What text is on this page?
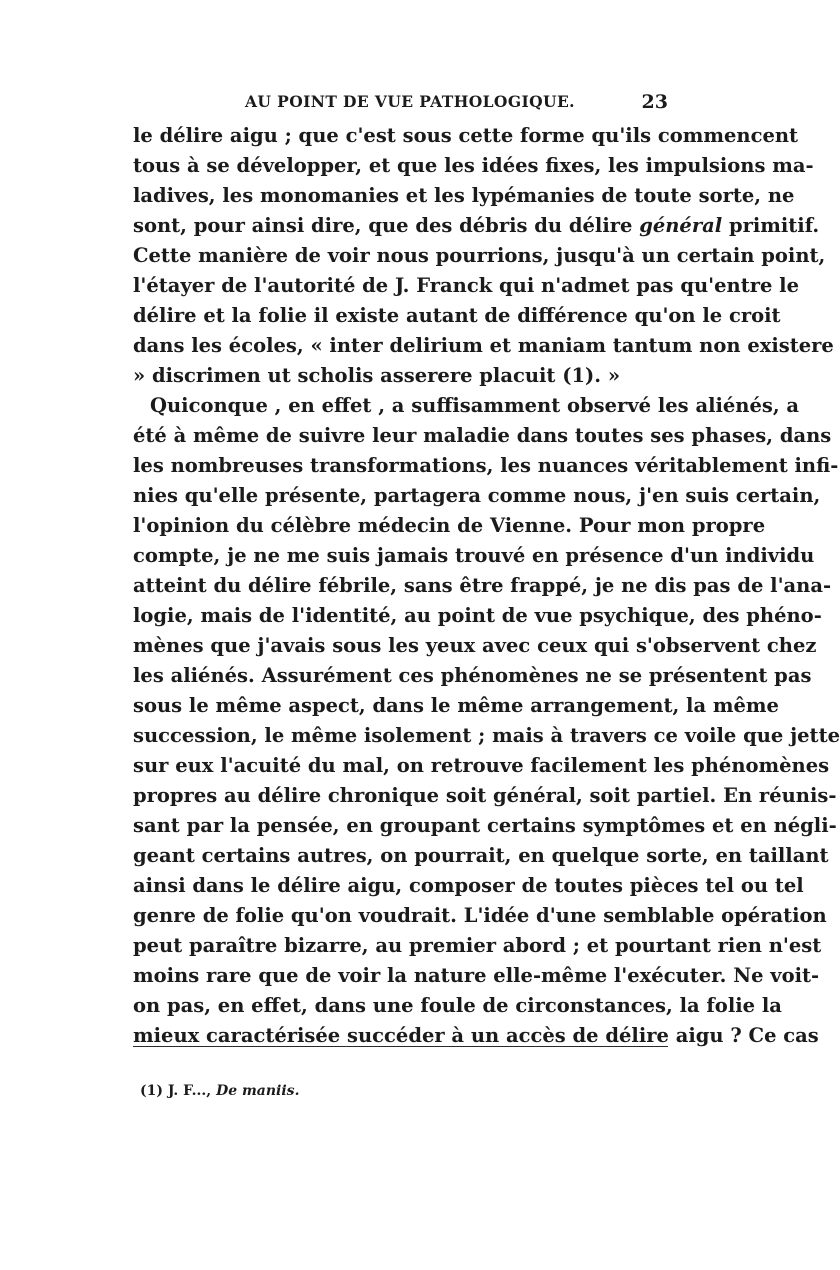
AU POINT DE VUE PATHOLOGIQUE.	23
le délire aigu ; que c'est sous cette forme qu'ils commencent
tous à se développer, et que les idées fixes, les impulsions ma-
ladives, les monomanies et les lypémanies de toute sorte, ne
sont, pour ainsi dire, que des débris du délire général primitif.
Cette manière de voir nous pourrions, jusqu'à un certain point,
l'étayer de l'autorité de J. Franck qui n'admet pas qu'entre le
délire et la folie il existe autant de différence qu'on le croit
dans les écoles, « inter delirium et maniam tantum non existere
» discrimen ut scholis asserere placuit (1). »
Quiconque , en effet , a suffisamment observé les aliénés, a
été à même de suivre leur maladie dans toutes ses phases, dans
les nombreuses transformations, les nuances véritablement infi-
nies qu'elle présente, partagera comme nous, j'en suis certain,
l'opinion du célèbre médecin de Vienne. Pour mon propre
compte, je ne me suis jamais trouvé en présence d'un individu
atteint du délire fébrile, sans être frappé, je ne dis pas de l'ana-
logie, mais de l'identité, au point de vue psychique, des phéno-
mènes que j'avais sous les yeux avec ceux qui s'observent chez
les aliénés. Assurément ces phénomènes ne se présentent pas
sous le même aspect, dans le même arrangement, la même
succession, le même isolement ; mais à travers ce voile que jette
sur eux l'acuité du mal, on retrouve facilement les phénomènes
propres au délire chronique soit général, soit partiel. En réunis-
sant par la pensée, en groupant certains symptômes et en négli-
geant certains autres, on pourrait, en quelque sorte, en taillant
ainsi dans le délire aigu, composer de toutes pièces tel ou tel
genre de folie qu'on voudrait. L'idée d'une semblable opération
peut paraître bizarre, au premier abord ; et pourtant rien n'est
moins rare que de voir la nature elle-même l'exécuter. Ne voit-
on pas, en effet, dans une foule de circonstances, la folie la
mieux caractérisée succéder à un accès de délire aigu ? Ce cas
(1) J. F..., De maniis.
